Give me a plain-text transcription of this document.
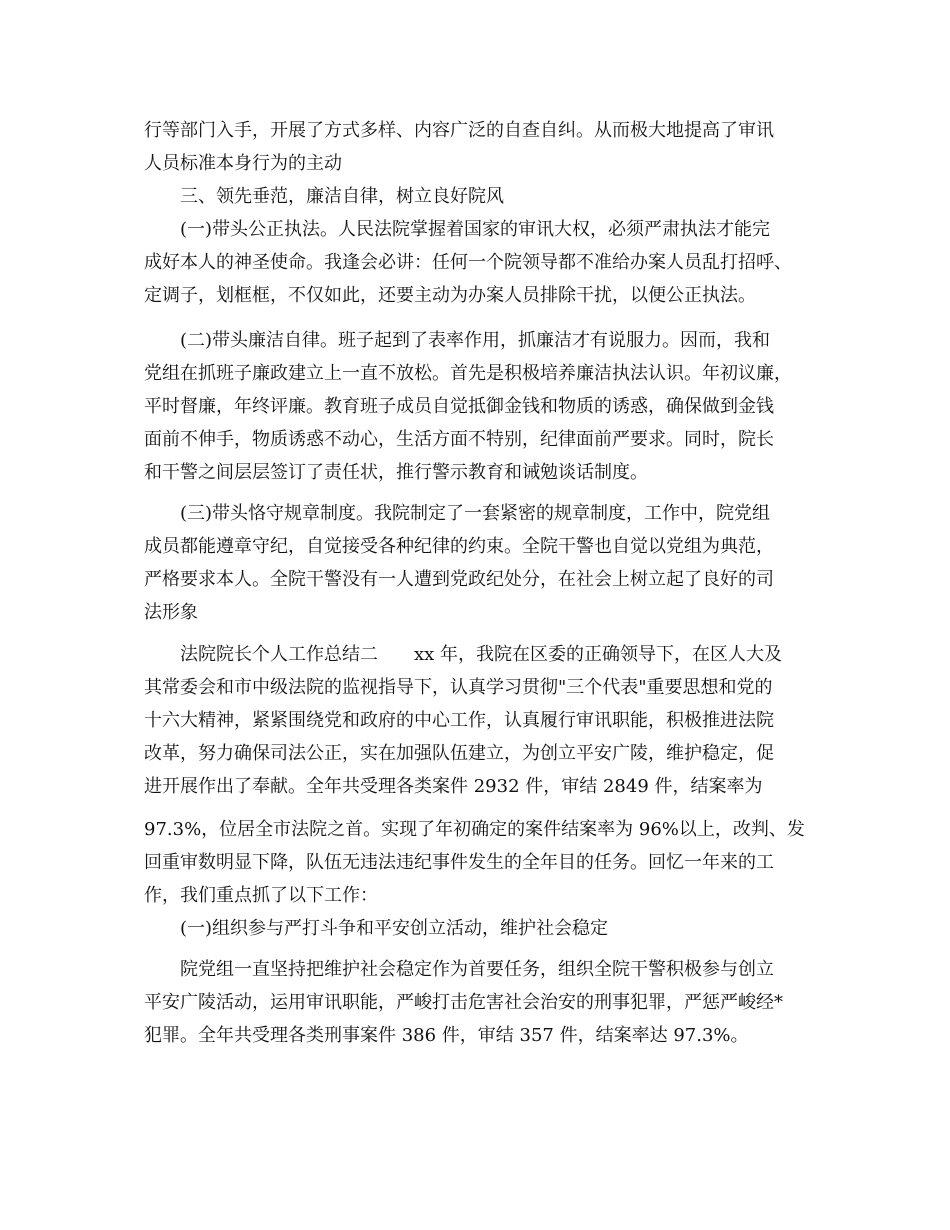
行等部门入手，开展了方式多样、内容广泛的自查自纠。从而极大地提高了审讯
人员标准本身行为的主动
三、领先垂范，廉洁自律，树立良好院风
(一)带头公正执法。人民法院掌握着国家的审讯大权，必须严肃执法才能完
成好本人的神圣使命。我逢会必讲：任何一个院领导都不准给办案人员乱打招呼、
定调子，划框框，不仅如此，还要主动为办案人员排除干扰，以便公正执法。
(二)带头廉洁自律。班子起到了表率作用，抓廉洁才有说服力。因而，我和
党组在抓班子廉政建立上一直不放松。首先是积极培养廉洁执法认识。年初议廉，
平时督廉，年终评廉。教育班子成员自觉抵御金钱和物质的诱惑，确保做到金钱
面前不伸手，物质诱惑不动心，生活方面不特别，纪律面前严要求。同时，院长
和干警之间层层签订了责任状，推行警示教育和诫勉谈话制度。
(三)带头恪守规章制度。我院制定了一套紧密的规章制度，工作中，院党组
成员都能遵章守纪，自觉接受各种纪律的约束。全院干警也自觉以党组为典范，
严格要求本人。全院干警没有一人遭到党政纪处分，在社会上树立起了良好的司
法形象
法院院长个人工作总结二　　xx 年，我院在区委的正确领导下，在区人大及
其常委会和市中级法院的监视指导下，认真学习贯彻"三个代表"重要思想和党的
十六大精神，紧紧围绕党和政府的中心工作，认真履行审讯职能，积极推进法院
改革，努力确保司法公正，实在加强队伍建立，为创立平安广陵，维护稳定，促
进开展作出了奉献。全年共受理各类案件 2932 件，审结 2849 件，结案率为
97.3%，位居全市法院之首。实现了年初确定的案件结案率为 96%以上，改判、发
回重审数明显下降，队伍无违法违纪事件发生的全年目的任务。回忆一年来的工
作，我们重点抓了以下工作：
(一)组织参与严打斗争和平安创立活动，维护社会稳定
院党组一直坚持把维护社会稳定作为首要任务，组织全院干警积极参与创立
平安广陵活动，运用审讯职能，严峻打击危害社会治安的刑事犯罪，严惩严峻经*
犯罪。全年共受理各类刑事案件 386 件，审结 357 件，结案率达 97.3%。
